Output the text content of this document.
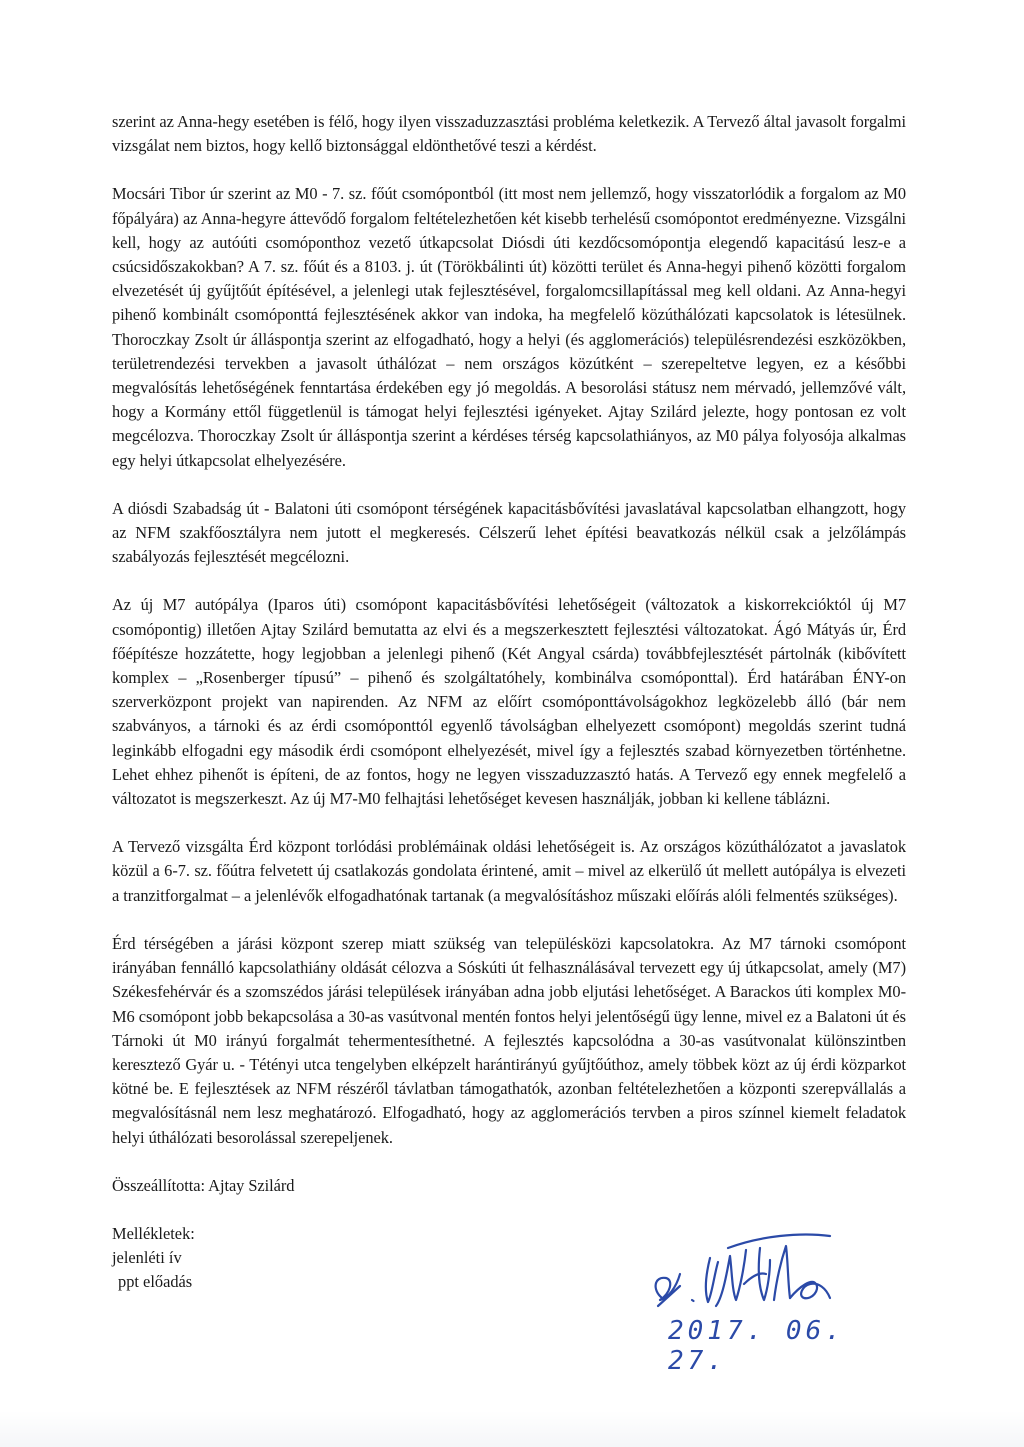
szerint az Anna-hegy esetében is félő, hogy ilyen visszaduzzasztási probléma keletkezik. A Tervező által javasolt forgalmi vizsgálat nem biztos, hogy kellő biztonsággal eldönthetővé teszi a kérdést.

Mocsári Tibor úr szerint az M0 - 7. sz. főút csomópontból (itt most nem jellemző, hogy visszatorlódik a forgalom az M0 főpályára) az Anna-hegyre áttevődő forgalom feltételezhetően két kisebb terhelésű csomópontot eredményezne. Vizsgálni kell, hogy az autóúti csomóponthoz vezető útkapcsolat Diósdi úti kezdőcsomópontja elegendő kapacitású lesz-e a csúcsidőszakokban? A 7. sz. főút és a 8103. j. út (Törökbálinti út) közötti terület és Anna-hegyi pihenő közötti forgalom elvezetését új gyűjtőút építésével, a jelenlegi utak fejlesztésével, forgalomcsillapítással meg kell oldani. Az Anna-hegyi pihenő kombinált csomóponttá fejlesztésének akkor van indoka, ha megfelelő közúthálózati kapcsolatok is létesülnek. Thoroczkay Zsolt úr álláspontja szerint az elfogadható, hogy a helyi (és agglomerációs) településrendezési eszközökben, területrendezési tervekben a javasolt úthálózat – nem országos közútként – szerepeltetve legyen, ez a későbbi megvalósítás lehetőségének fenntartása érdekében egy jó megoldás. A besorolási státusz nem mérvadó, jellemzővé vált, hogy a Kormány ettől függetlenül is támogat helyi fejlesztési igényeket. Ajtay Szilárd jelezte, hogy pontosan ez volt megcélozva. Thoroczkay Zsolt úr álláspontja szerint a kérdéses térség kapcsolathiányos, az M0 pálya folyosója alkalmas egy helyi útkapcsolat elhelyezésére.

A diósdi Szabadság út - Balatoni úti csomópont térségének kapacitásbővítési javaslatával kapcsolatban elhangzott, hogy az NFM szakfőosztályra nem jutott el megkeresés. Célszerű lehet építési beavatkozás nélkül csak a jelzőlámpás szabályozás fejlesztését megcélozni.

Az új M7 autópálya (Iparos úti) csomópont kapacitásbővítési lehetőségeit (változatok a kiskorrekcióktól új M7 csomópontig) illetően Ajtay Szilárd bemutatta az elvi és a megszerkesztett fejlesztési változatokat. Ágó Mátyás úr, Érd főépítésze hozzátette, hogy legjobban a jelenlegi pihenő (Két Angyal csárda) továbbfejlesztését pártolnák (kibővített komplex – „Rosenberger típusú” – pihenő és szolgáltatóhely, kombinálva csomóponttal). Érd határában ÉNY-on szerverközpont projekt van napirenden. Az NFM az előírt csomóponttávolságokhoz legközelebb álló (bár nem szabványos, a tárnoki és az érdi csomóponttól egyenlő távolságban elhelyezett csomópont) megoldás szerint tudná leginkább elfogadni egy második érdi csomópont elhelyezését, mivel így a fejlesztés szabad környezetben történhetne. Lehet ehhez pihenőt is építeni, de az fontos, hogy ne legyen visszaduzzasztó hatás. A Tervező egy ennek megfelelő a változatot is megszerkeszt. Az új M7-M0 felhajtási lehetőséget kevesen használják, jobban ki kellene táblázni.

A Tervező vizsgálta Érd központ torlódási problémáinak oldási lehetőségeit is. Az országos közúthálózatot a javaslatok közül a 6-7. sz. főútra felvetett új csatlakozás gondolata érintené, amit – mivel az elkerülő út mellett autópálya is elvezeti a tranzitforgalmat – a jelenlévők elfogadhatónak tartanak (a megvalósításhoz műszaki előírás alóli felmentés szükséges).

Érd térségében a járási központ szerep miatt szükség van településközi kapcsolatokra. Az M7 tárnoki csomópont irányában fennálló kapcsolathiány oldását célozva a Sóskúti út felhasználásával tervezett egy új útkapcsolat, amely (M7) Székesfehérvár és a szomszédos járási települések irányában adna jobb eljutási lehetőséget. A Barackos úti komplex M0-M6 csomópont jobb bekapcsolása a 30-as vasútvonal mentén fontos helyi jelentőségű ügy lenne, mivel ez a Balatoni út és Tárnoki út M0 irányú forgalmát tehermentesíthetné. A fejlesztés kapcsolódna a 30-as vasútvonalat különszintben keresztező Gyár u. - Tétényi utca tengelyben elképzelt harántirányú gyűjtőúthoz, amely többek közt az új érdi közparkot kötné be. E fejlesztések az NFM részéről távlatban támogathatók, azonban feltételezhetően a központi szerepvállalás a megvalósításnál nem lesz meghatározó. Elfogadható, hogy az agglomerációs tervben a piros színnel kiemelt feladatok helyi úthálózati besorolással szerepeljenek.

Összeállította: Ajtay Szilárd

Mellékletek:
jelenléti ív
ppt előadás
2017. 06. 27.
